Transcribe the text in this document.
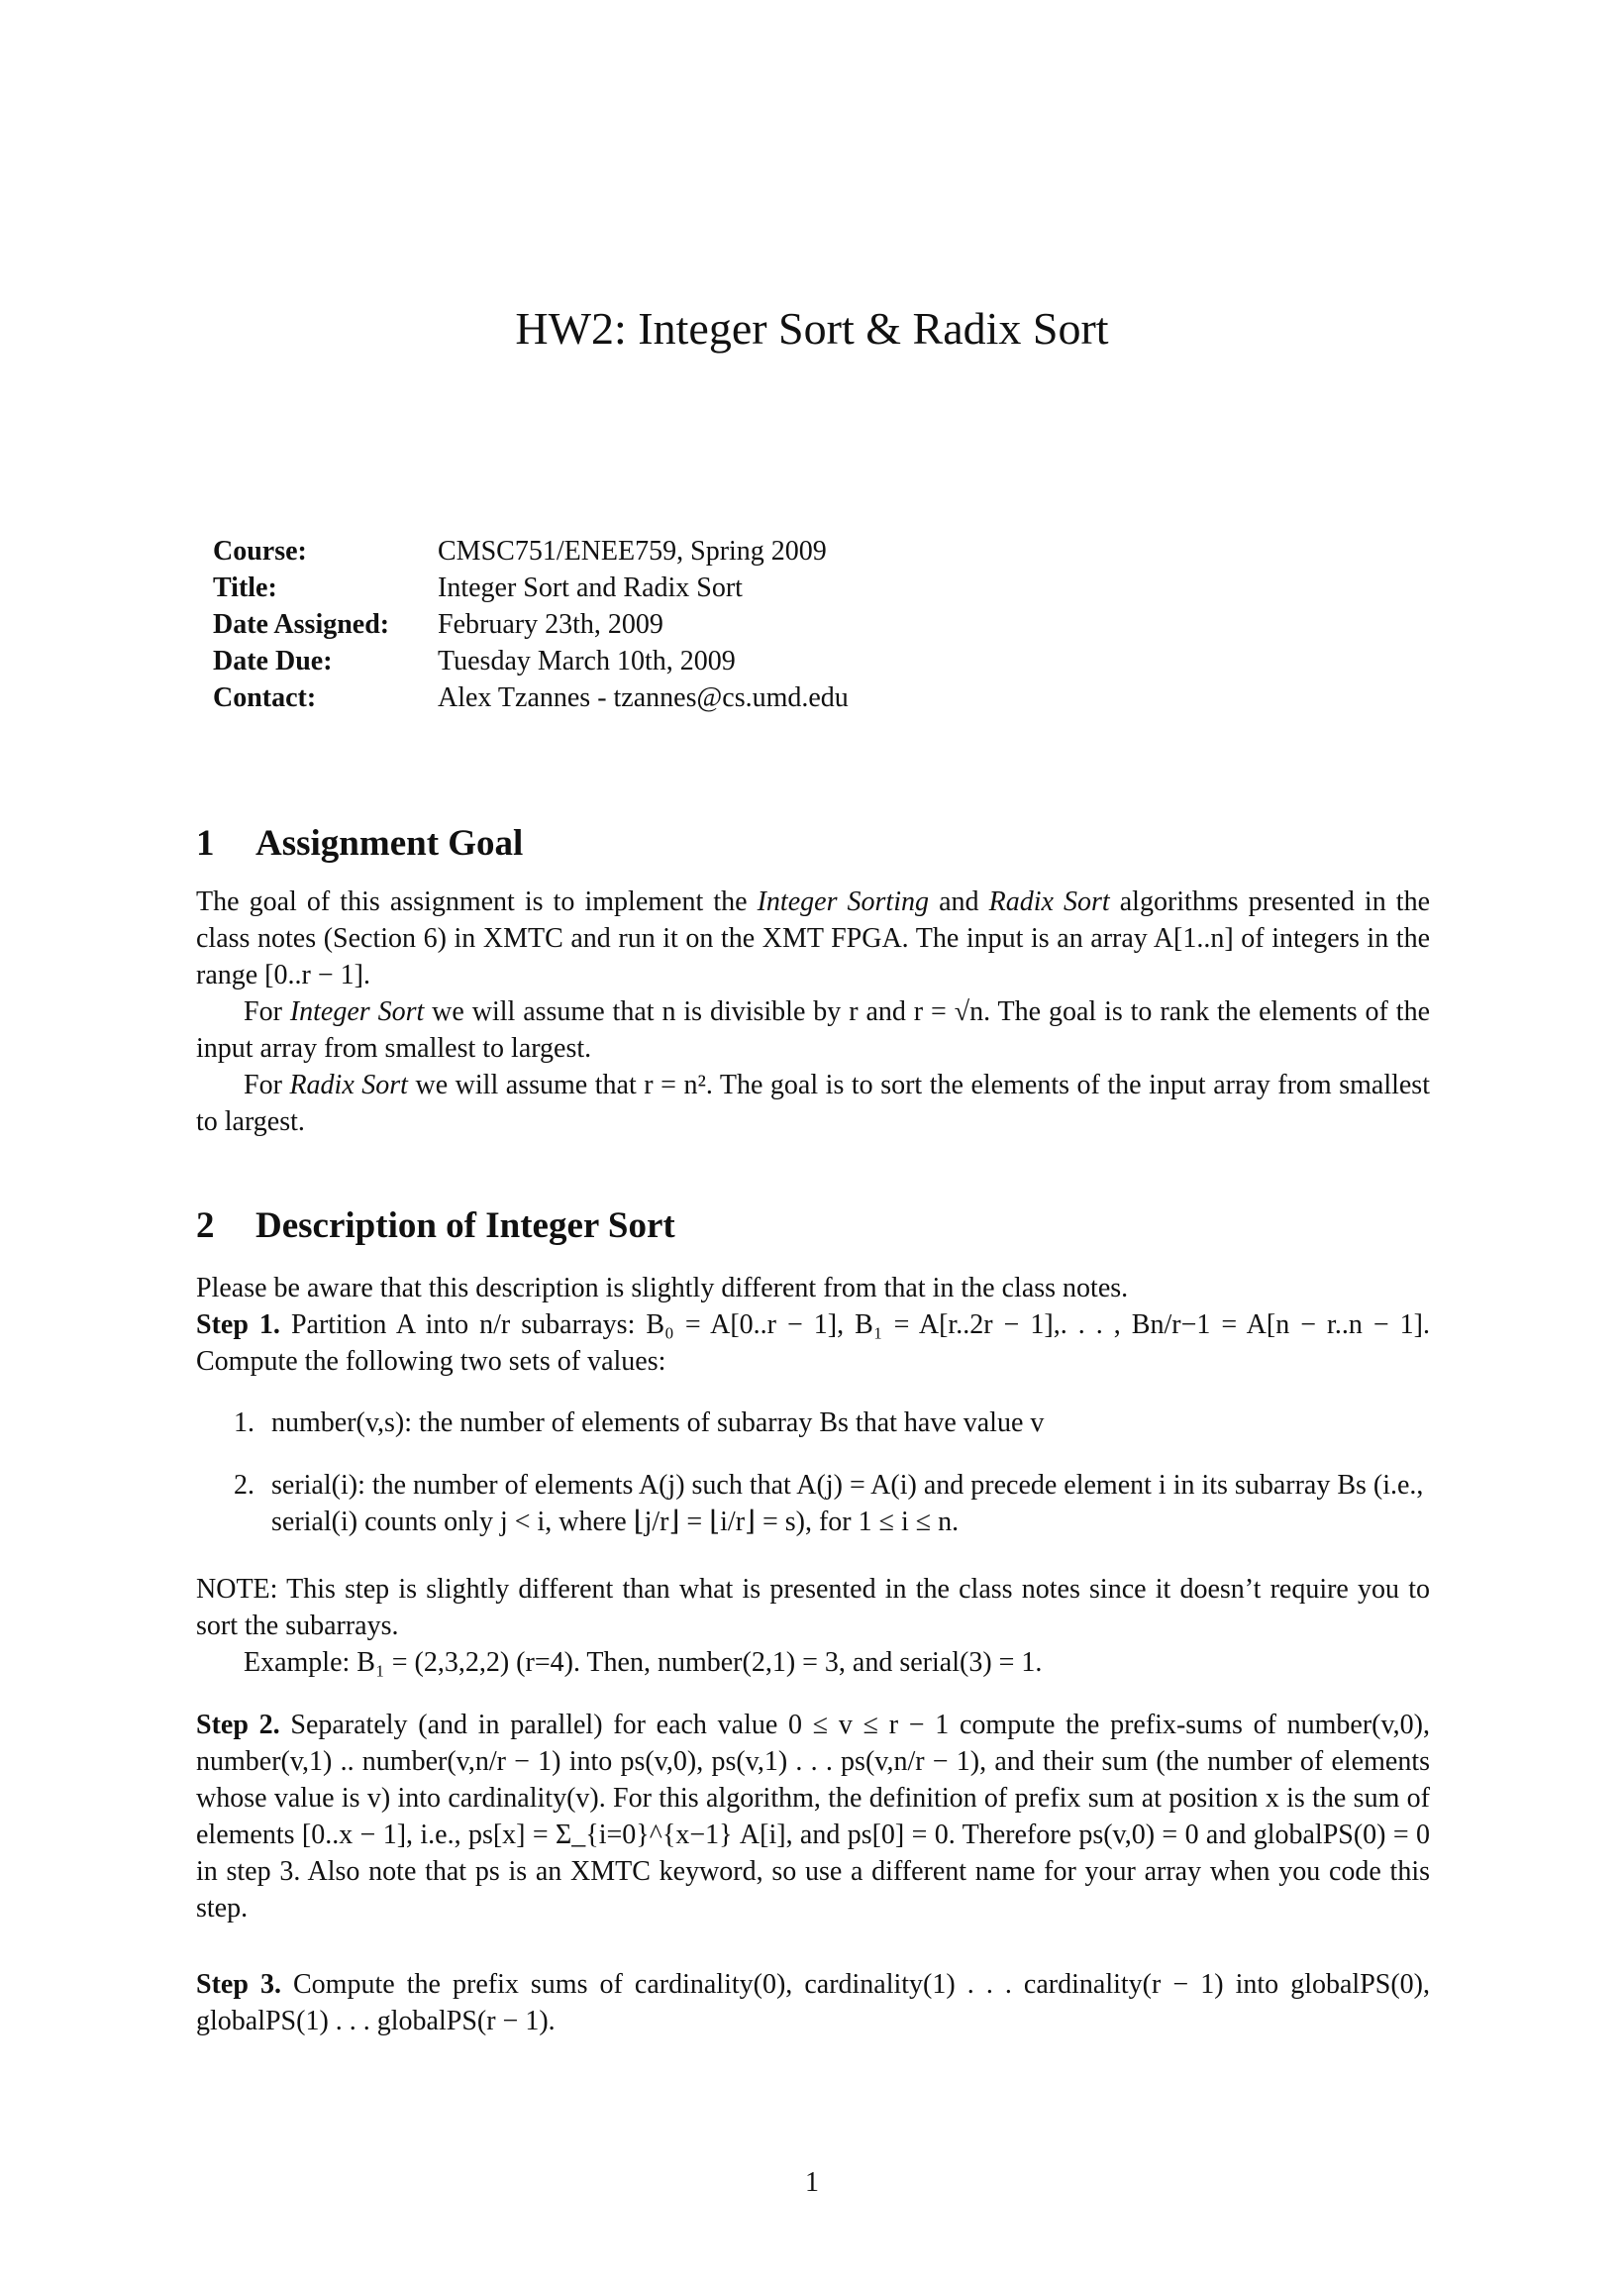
HW2: Integer Sort & Radix Sort
Course:	CMSC751/ENEE759, Spring 2009
Title:	Integer Sort and Radix Sort
Date Assigned:	February 23th, 2009
Date Due:	Tuesday March 10th, 2009
Contact:	Alex Tzannes - tzannes@cs.umd.edu
1 Assignment Goal

The goal of this assignment is to implement the Integer Sorting and Radix Sort algorithms presented in the class notes (Section 6) in XMTC and run it on the XMT FPGA. The input is an array A[1..n] of integers in the range [0..r − 1].

For Integer Sort we will assume that n is divisible by r and r = √n. The goal is to rank the elements of the input array from smallest to largest.

For Radix Sort we will assume that r = n². The goal is to sort the elements of the input array from smallest to largest.

2 Description of Integer Sort

Please be aware that this description is slightly different from that in the class notes.

Step 1. Partition A into n/r subarrays: B₀ = A[0..r − 1], B₁ = A[r..2r − 1],. . . , Bn/r−1 = A[n − r..n − 1]. Compute the following two sets of values:

1. number(v,s): the number of elements of subarray Bs that have value v
2. serial(i): the number of elements A(j) such that A(j) = A(i) and precede element i in its subarray Bs (i.e., serial(i) counts only j < i, where ⌊j/r⌋ = ⌊i/r⌋ = s), for 1 ≤ i ≤ n.

NOTE: This step is slightly different than what is presented in the class notes since it doesn’t require you to sort the subarrays.

Example: B₁ = (2,3,2,2) (r=4). Then, number(2,1) = 3, and serial(3) = 1.

Step 2. Separately (and in parallel) for each value 0 ≤ v ≤ r − 1 compute the prefix-sums of number(v,0), number(v,1) .. number(v,n/r − 1) into ps(v,0), ps(v,1) . . . ps(v,n/r − 1), and their sum (the number of elements whose value is v) into cardinality(v). For this algorithm, the definition of prefix sum at position x is the sum of elements [0..x − 1], i.e., ps[x] = Σ_{i=0}^{x−1} A[i], and ps[0] = 0. Therefore ps(v,0) = 0 and globalPS(0) = 0 in step 3. Also note that ps is an XMTC keyword, so use a different name for your array when you code this step.

Step 3. Compute the prefix sums of cardinality(0), cardinality(1) . . . cardinality(r − 1) into globalPS(0), globalPS(1) . . . globalPS(r − 1).

1
